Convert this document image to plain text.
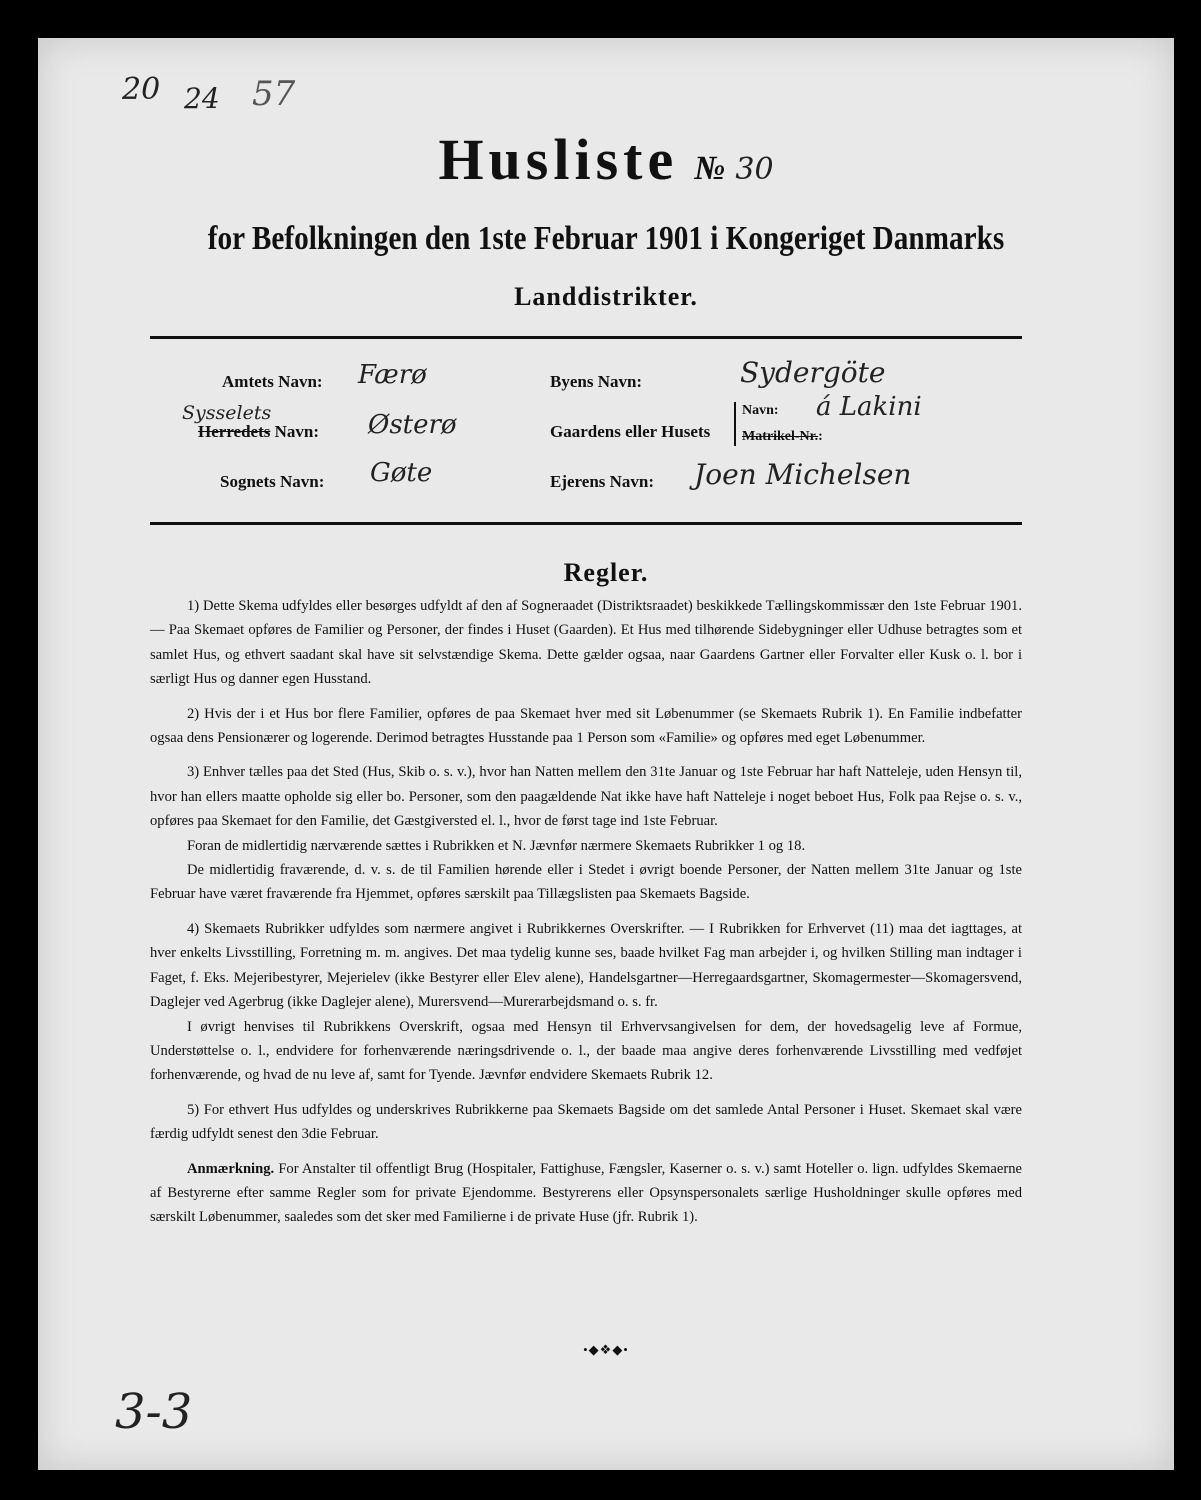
20 24 57
Husliste № 30
for Befolkningen den 1ste Februar 1901 i Kongeriget Danmarks
Landdistrikter.
Amtets Navn: Færø
Sysselets
Herredets Navn: Østerø
Sognets Navn: Gøte
Byens Navn:	Sydergöte
Gaardens eller Husets
Navn: á Lakini
Matrikel-Nr.:
Ejerens Navn: Joen Michelsen
Regler.

1) Dette Skema udfyldes eller besørges udfyldt af den af Sogneraadet (Distriktsraadet) beskikkede Tællingskommissær den 1ste Februar 1901. — Paa Skemaet opføres de Familier og Personer, der findes i Huset (Gaarden). Et Hus med tilhørende Sidebygninger eller Udhuse betragtes som et samlet Hus, og ethvert saadant skal have sit selvstændige Skema. Dette gælder ogsaa, naar Gaardens Gartner eller Forvalter eller Kusk o. l. bor i særligt Hus og danner egen Husstand.

2) Hvis der i et Hus bor flere Familier, opføres de paa Skemaet hver med sit Løbenummer (se Skemaets Rubrik 1). En Familie indbefatter ogsaa dens Pensionærer og logerende. Derimod betragtes Husstande paa 1 Person som «Familie» og opføres med eget Løbenummer.

3) Enhver tælles paa det Sted (Hus, Skib o. s. v.), hvor han Natten mellem den 31te Januar og 1ste Februar har haft Natteleje, uden Hensyn til, hvor han ellers maatte opholde sig eller bo. Personer, som den paagældende Nat ikke have haft Natteleje i noget beboet Hus, Folk paa Rejse o. s. v., opføres paa Skemaet for den Familie, det Gæstgiversted el. l., hvor de først tage ind 1ste Februar.

Foran de midlertidig nærværende sættes i Rubrikken et N. Jævnfør nærmere Skemaets Rubrikker 1 og 18.

De midlertidig fraværende, d. v. s. de til Familien hørende eller i Stedet i øvrigt boende Personer, der Natten mellem 31te Januar og 1ste Februar have været fraværende fra Hjemmet, opføres særskilt paa Tillægslisten paa Skemaets Bagside.

4) Skemaets Rubrikker udfyldes som nærmere angivet i Rubrikkernes Overskrifter. — I Rubrikken for Erhvervet (11) maa det iagttages, at hver enkelts Livsstilling, Forretning m. m. angives. Det maa tydelig kunne ses, baade hvilket Fag man arbejder i, og hvilken Stilling man indtager i Faget, f. Eks. Mejeribestyrer, Mejerielev (ikke Bestyrer eller Elev alene), Handelsgartner—Herregaardsgartner, Skomagermester—Skomagersvend, Daglejer ved Agerbrug (ikke Daglejer alene), Murersvend—Murerarbejdsmand o. s. fr.

I øvrigt henvises til Rubrikkens Overskrift, ogsaa med Hensyn til Erhvervsangivelsen for dem, der hovedsagelig leve af Formue, Understøttelse o. l., endvidere for forhenværende næringsdrivende o. l., der baade maa angive deres forhenværende Livsstilling med vedføjet forhenværende, og hvad de nu leve af, samt for Tyende. Jævnfør endvidere Skemaets Rubrik 12.

5) For ethvert Hus udfyldes og underskrives Rubrikkerne paa Skemaets Bagside om det samlede Antal Personer i Huset. Skemaet skal være færdig udfyldt senest den 3die Februar.

Anmærkning. For Anstalter til offentligt Brug (Hospitaler, Fattighuse, Fængsler, Kaserner o. s. v.) samt Hoteller o. lign. udfyldes Skemaerne af Bestyrerne efter samme Regler som for private Ejendomme. Bestyrerens eller Opsynspersonalets særlige Husholdninger skulle opføres med særskilt Løbenummer, saaledes som det sker med Familierne i de private Huse (jfr. Rubrik 1).

•◆❖◆•
3-3
